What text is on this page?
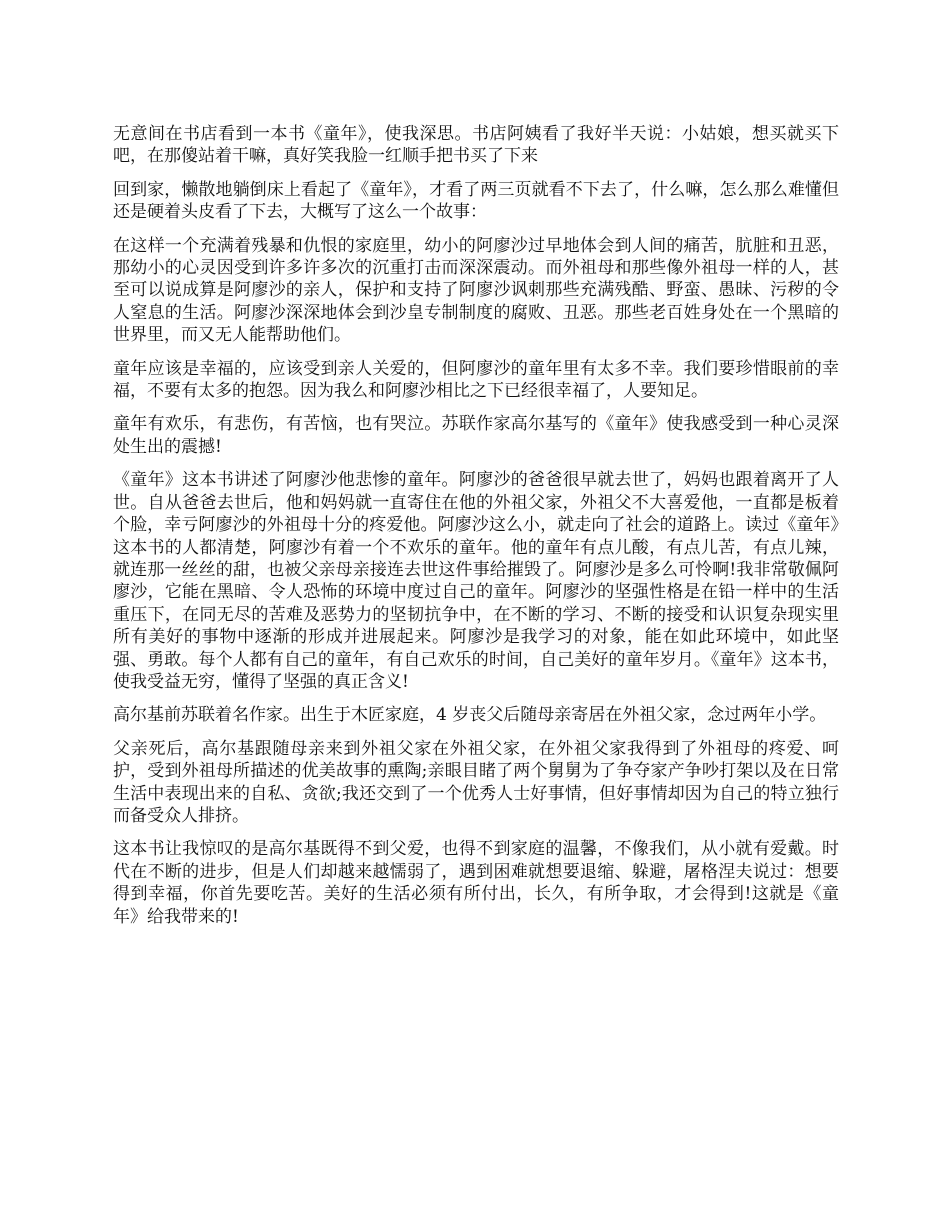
无意间在书店看到一本书《童年》，使我深思。书店阿姨看了我好半天说：小姑娘，想买就买下吧，在那傻站着干嘛，真好笑我脸一红顺手把书买了下来

回到家，懒散地躺倒床上看起了《童年》，才看了两三页就看不下去了，什么嘛，怎么那么难懂但还是硬着头皮看了下去，大概写了这么一个故事：

在这样一个充满着残暴和仇恨的家庭里，幼小的阿廖沙过早地体会到人间的痛苦，肮脏和丑恶，那幼小的心灵因受到许多许多次的沉重打击而深深震动。而外祖母和那些像外祖母一样的人，甚至可以说成算是阿廖沙的亲人，保护和支持了阿廖沙讽刺那些充满残酷、野蛮、愚昧、污秽的令人窒息的生活。阿廖沙深深地体会到沙皇专制制度的腐败、丑恶。那些老百姓身处在一个黑暗的世界里，而又无人能帮助他们。

童年应该是幸福的，应该受到亲人关爱的，但阿廖沙的童年里有太多不幸。我们要珍惜眼前的幸福，不要有太多的抱怨。因为我么和阿廖沙相比之下已经很幸福了，人要知足。

童年有欢乐，有悲伤，有苦恼，也有哭泣。苏联作家高尔基写的《童年》使我感受到一种心灵深处生出的震撼!

《童年》这本书讲述了阿廖沙他悲惨的童年。阿廖沙的爸爸很早就去世了，妈妈也跟着离开了人世。自从爸爸去世后，他和妈妈就一直寄住在他的外祖父家，外祖父不大喜爱他，一直都是板着个脸，幸亏阿廖沙的外祖母十分的疼爱他。阿廖沙这么小，就走向了社会的道路上。读过《童年》这本书的人都清楚，阿廖沙有着一个不欢乐的童年。他的童年有点儿酸，有点儿苦，有点儿辣，就连那一丝丝的甜，也被父亲母亲接连去世这件事给摧毁了。阿廖沙是多么可怜啊!我非常敬佩阿廖沙，它能在黑暗、令人恐怖的环境中度过自己的童年。阿廖沙的坚强性格是在铅一样中的生活重压下，在同无尽的苦难及恶势力的坚韧抗争中，在不断的学习、不断的接受和认识复杂现实里所有美好的事物中逐渐的形成并进展起来。阿廖沙是我学习的对象，能在如此环境中，如此坚强、勇敢。每个人都有自己的童年，有自己欢乐的时间，自己美好的童年岁月。《童年》这本书，使我受益无穷，懂得了坚强的真正含义!

高尔基前苏联着名作家。出生于木匠家庭，4 岁丧父后随母亲寄居在外祖父家，念过两年小学。

父亲死后，高尔基跟随母亲来到外祖父家在外祖父家，在外祖父家我得到了外祖母的疼爱、呵护，受到外祖母所描述的优美故事的熏陶;亲眼目睹了两个舅舅为了争夺家产争吵打架以及在日常生活中表现出来的自私、贪欲;我还交到了一个优秀人士好事情，但好事情却因为自己的特立独行而备受众人排挤。

这本书让我惊叹的是高尔基既得不到父爱，也得不到家庭的温馨，不像我们，从小就有爱戴。时代在不断的进步，但是人们却越来越懦弱了，遇到困难就想要退缩、躲避，屠格涅夫说过：想要得到幸福，你首先要吃苦。美好的生活必须有所付出，长久，有所争取，才会得到!这就是《童年》给我带来的!
